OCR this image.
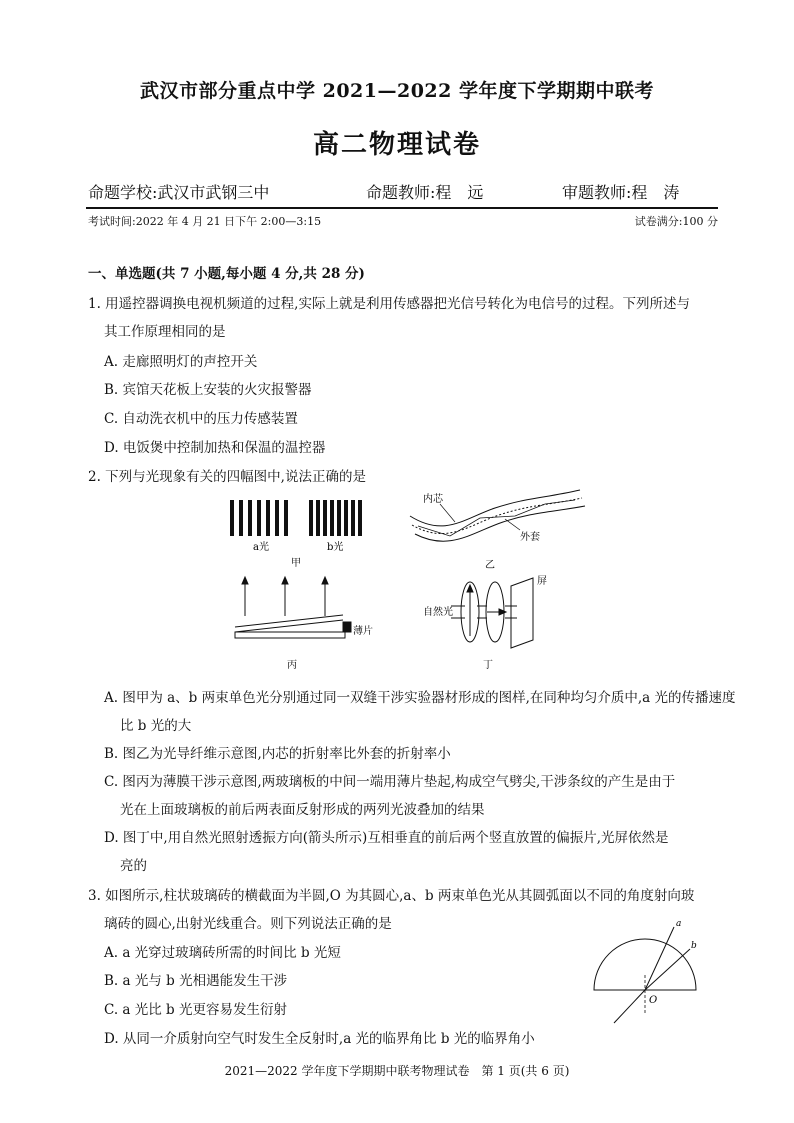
武汉市部分重点中学 2021—2022 学年度下学期期中联考
高二物理试卷
命题学校:武汉市武钢三中	命题教师:程　远	审题教师:程　涛
考试时间:2022 年 4 月 21 日下午 2:00—3:15	试卷满分:100 分
一、单选题(共 7 小题,每小题 4 分,共 28 分)
1. 用遥控器调换电视机频道的过程,实际上就是利用传感器把光信号转化为电信号的过程。下列所述与
其工作原理相同的是
A. 走廊照明灯的声控开关
B. 宾馆天花板上安装的火灾报警器
C. 自动洗衣机中的压力传感装置
D. 电饭煲中控制加热和保温的温控器
2. 下列与光现象有关的四幅图中,说法正确的是
a光	b光
甲
内芯
外套
乙
薄片
丙
自然光
屏
丁
A. 图甲为 a、b 两束单色光分别通过同一双缝干涉实验器材形成的图样,在同种均匀介质中,a 光的传播速度
比 b 光的大
B. 图乙为光导纤维示意图,内芯的折射率比外套的折射率小
C. 图丙为薄膜干涉示意图,两玻璃板的中间一端用薄片垫起,构成空气劈尖,干涉条纹的产生是由于
光在上面玻璃板的前后两表面反射形成的两列光波叠加的结果
D. 图丁中,用自然光照射透振方向(箭头所示)互相垂直的前后两个竖直放置的偏振片,光屏依然是
亮的
3. 如图所示,柱状玻璃砖的横截面为半圆,O 为其圆心,a、b 两束单色光从其圆弧面以不同的角度射向玻
璃砖的圆心,出射光线重合。则下列说法正确的是	a
b
O
A. a 光穿过玻璃砖所需的时间比 b 光短
B. a 光与 b 光相遇能发生干涉
C. a 光比 b 光更容易发生衍射
D. 从同一介质射向空气时发生全反射时,a 光的临界角比 b 光的临界角小
2021—2022 学年度下学期期中联考物理试卷　第 1 页(共 6 页)
